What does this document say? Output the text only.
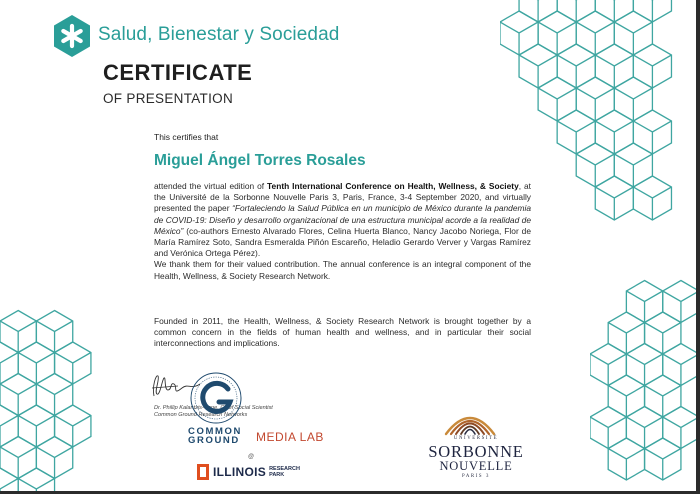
Salud, Bienestar y Sociedad
CERTIFICATE
OF PRESENTATION
This certifies that
Miguel Ángel Torres Rosales

attended the virtual edition of Tenth International Conference on Health, Wellness, & Society, at the Université de la Sorbonne Nouvelle Paris 3, Paris, France, 3-4 September 2020, and virtually presented the paper “Fortaleciendo la Salud Pública en un municipio de México durante la pandemia de COVID-19: Diseño y desarrollo organizacional de una estructura municipal acorde a la realidad de México” (co-authors Ernesto Alvarado Flores, Celina Huerta Blanco, Nancy Jacobo Noriega, Flor de María Ramírez Soto, Sandra Esmeralda Piñón Escareño, Heladio Gerardo Verver y Vargas Ramírez and Verónica Ortega Pérez).

We thank them for their valued contribution. The annual conference is an integral component of the Health, Wellness, & Society Research Network.

Founded in 2011, the Health, Wellness, & Society Research Network is brought together by a common concern in the fields of human health and wellness, and in particular their social interconnections and implications.
Dr. Phillip Kalantzis-Cope, Chief Social Scientist
Common Ground Research Networks
COMMON
GROUND MEDIA LAB
@
ILLINOIS RESEARCH
PARK
UNIVERSITÉ
SORBONNE
NOUVELLE
PARIS 3
